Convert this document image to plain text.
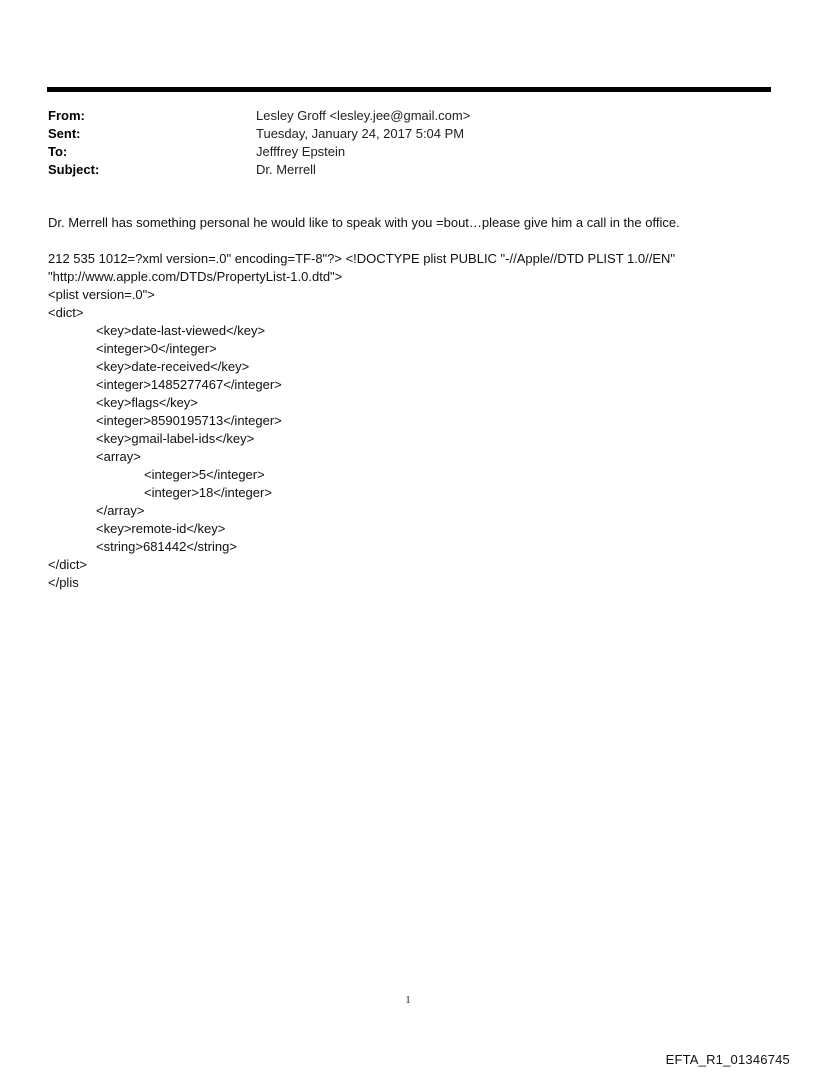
From:	Lesley Groff <lesley.jee@gmail.com>
Sent:	Tuesday, January 24, 2017 5:04 PM
To:	Jefffrey Epstein
Subject:	Dr. Merrell

Dr. Merrell has something personal he would like to speak with you =bout…please give him a call in the office.

212 535 1012=?xml version=.0" encoding=TF-8"?> <!DOCTYPE plist PUBLIC "-//Apple//DTD PLIST 1.0//EN"
"http://www.apple.com/DTDs/PropertyList-1.0.dtd">
<plist version=.0">
<dict>
<key>date-last-viewed</key>
<integer>0</integer>
<key>date-received</key>
<integer>1485277467</integer>
<key>flags</key>
<integer>8590195713</integer>
<key>gmail-label-ids</key>
<array>
<integer>5</integer>
<integer>18</integer>
</array>
<key>remote-id</key>
<string>681442</string>
</dict>
</plis
1
EFTA_R1_01346745
